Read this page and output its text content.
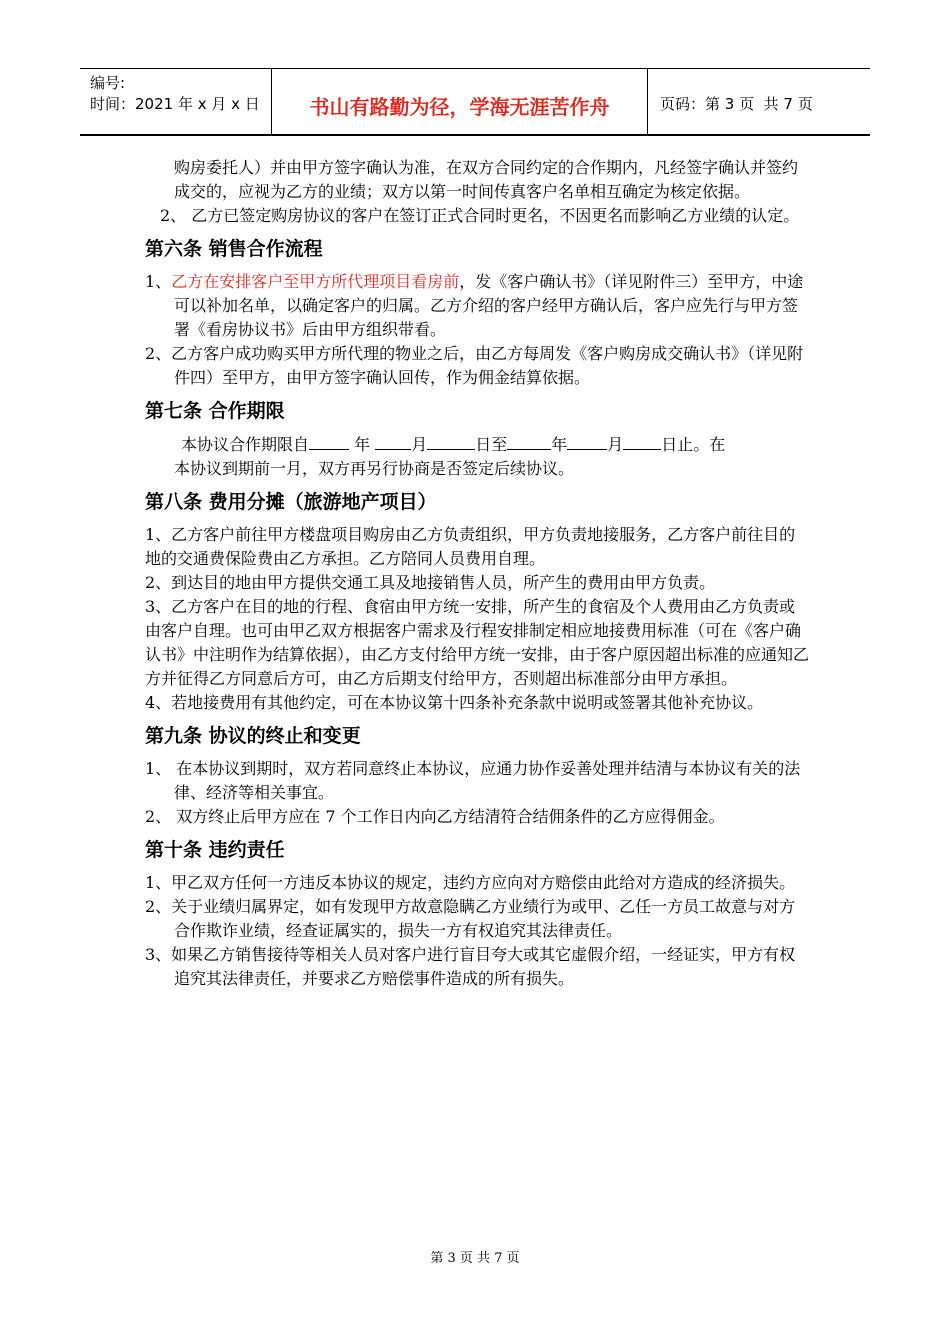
编号:
时间：2021 年 x 月 x 日	书山有路勤为径，学海无涯苦作舟	页码：第 3 页  共 7 页

购房委托人）并由甲方签字确认为准，在双方合同约定的合作期内，凡经签字确认并签约成交的，应视为乙方的业绩；双方以第一时间传真客户名单相互确定为核定依据。

2、 乙方已签定购房协议的客户在签订正式合同时更名，不因更名而影响乙方业绩的认定。

第六条 销售合作流程

1、乙方在安排客户至甲方所代理项目看房前，发《客户确认书》（详见附件三）至甲方，中途可以补加名单，以确定客户的归属。乙方介绍的客户经甲方确认后，客户应先行与甲方签署《看房协议书》后由甲方组织带看。

2、乙方客户成功购买甲方所代理的物业之后，由乙方每周发《客户购房成交确认书》（详见附件四）至甲方，由甲方签字确认回传，作为佣金结算依据。

第七条 合作期限

本协议合作期限自	年	月	日至	年	月 日止。在

本协议到期前一月，双方再另行协商是否签定后续协议。

第八条 费用分摊（旅游地产项目）

1、乙方客户前往甲方楼盘项目购房由乙方负责组织，甲方负责地接服务，乙方客户前往目的地的交通费保险费由乙方承担。乙方陪同人员费用自理。

2、到达目的地由甲方提供交通工具及地接销售人员，所产生的费用由甲方负责。

3、乙方客户在目的地的行程、食宿由甲方统一安排，所产生的食宿及个人费用由乙方负责或由客户自理。也可由甲乙双方根据客户需求及行程安排制定相应地接费用标准（可在《客户确认书》中注明作为结算依据），由乙方支付给甲方统一安排，由于客户原因超出标准的应通知乙方并征得乙方同意后方可，由乙方后期支付给甲方，否则超出标准部分由甲方承担。

4、若地接费用有其他约定，可在本协议第十四条补充条款中说明或签署其他补充协议。

第九条 协议的终止和变更

1、 在本协议到期时，双方若同意终止本协议，应通力协作妥善处理并结清与本协议有关的法律、经济等相关事宜。

2、 双方终止后甲方应在 7 个工作日内向乙方结清符合结佣条件的乙方应得佣金。

第十条 违约责任

1、甲乙双方任何一方违反本协议的规定，违约方应向对方赔偿由此给对方造成的经济损失。

2、关于业绩归属界定，如有发现甲方故意隐瞒乙方业绩行为或甲、乙任一方员工故意与对方合作欺诈业绩，经查证属实的，损失一方有权追究其法律责任。

3、如果乙方销售接待等相关人员对客户进行盲目夸大或其它虚假介绍，一经证实，甲方有权追究其法律责任，并要求乙方赔偿事件造成的所有损失。

第 3 页 共 7 页
